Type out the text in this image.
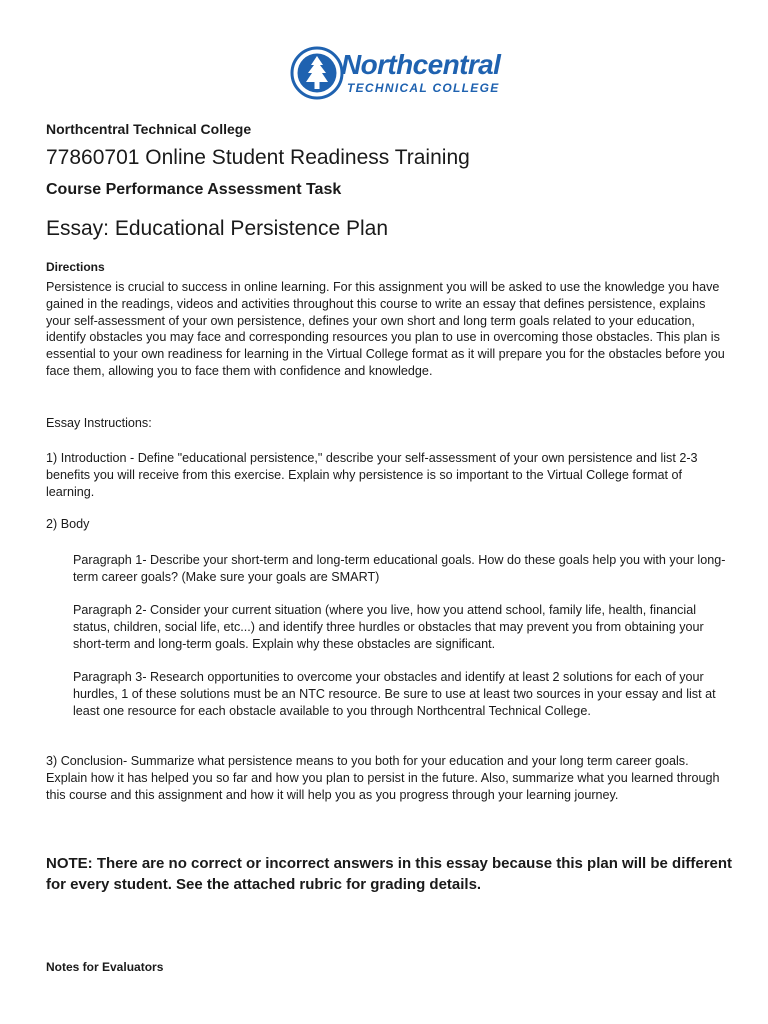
Northcentral
TECHNICAL COLLEGE

Northcentral Technical College

77860701 Online Student Readiness Training

Course Performance Assessment Task

Essay: Educational Persistence Plan

Directions

Persistence is crucial to success in online learning. For this assignment you will be asked to use the knowledge you have gained in the readings, videos and activities throughout this course to write an essay that defines persistence, explains your self-assessment of your own persistence, defines your own short and long term goals related to your education, identify obstacles you may face and corresponding resources you plan to use in overcoming those obstacles. This plan is essential to your own readiness for learning in the Virtual College format as it will prepare you for the obstacles before you face them, allowing you to face them with confidence and knowledge.

Essay Instructions:

1) Introduction - Define "educational persistence," describe your self-assessment of your own persistence and list 2-3 benefits you will receive from this exercise. Explain why persistence is so important to the Virtual College format of learning.

2) Body

Paragraph 1- Describe your short-term and long-term educational goals. How do these goals help you with your long-term career goals? (Make sure your goals are SMART)

Paragraph 2- Consider your current situation (where you live, how you attend school, family life, health, financial status, children, social life, etc...) and identify three hurdles or obstacles that may prevent you from obtaining your short-term and long-term goals. Explain why these obstacles are significant.

Paragraph 3- Research opportunities to overcome your obstacles and identify at least 2 solutions for each of your hurdles, 1 of these solutions must be an NTC resource. Be sure to use at least two sources in your essay and list at least one resource for each obstacle available to you through Northcentral Technical College.

3) Conclusion- Summarize what persistence means to you both for your education and your long term career goals. Explain how it has helped you so far and how you plan to persist in the future. Also, summarize what you learned through this course and this assignment and how it will help you as you progress through your learning journey.

NOTE: There are no correct or incorrect answers in this essay because this plan will be different for every student. See the attached rubric for grading details.

Notes for Evaluators
